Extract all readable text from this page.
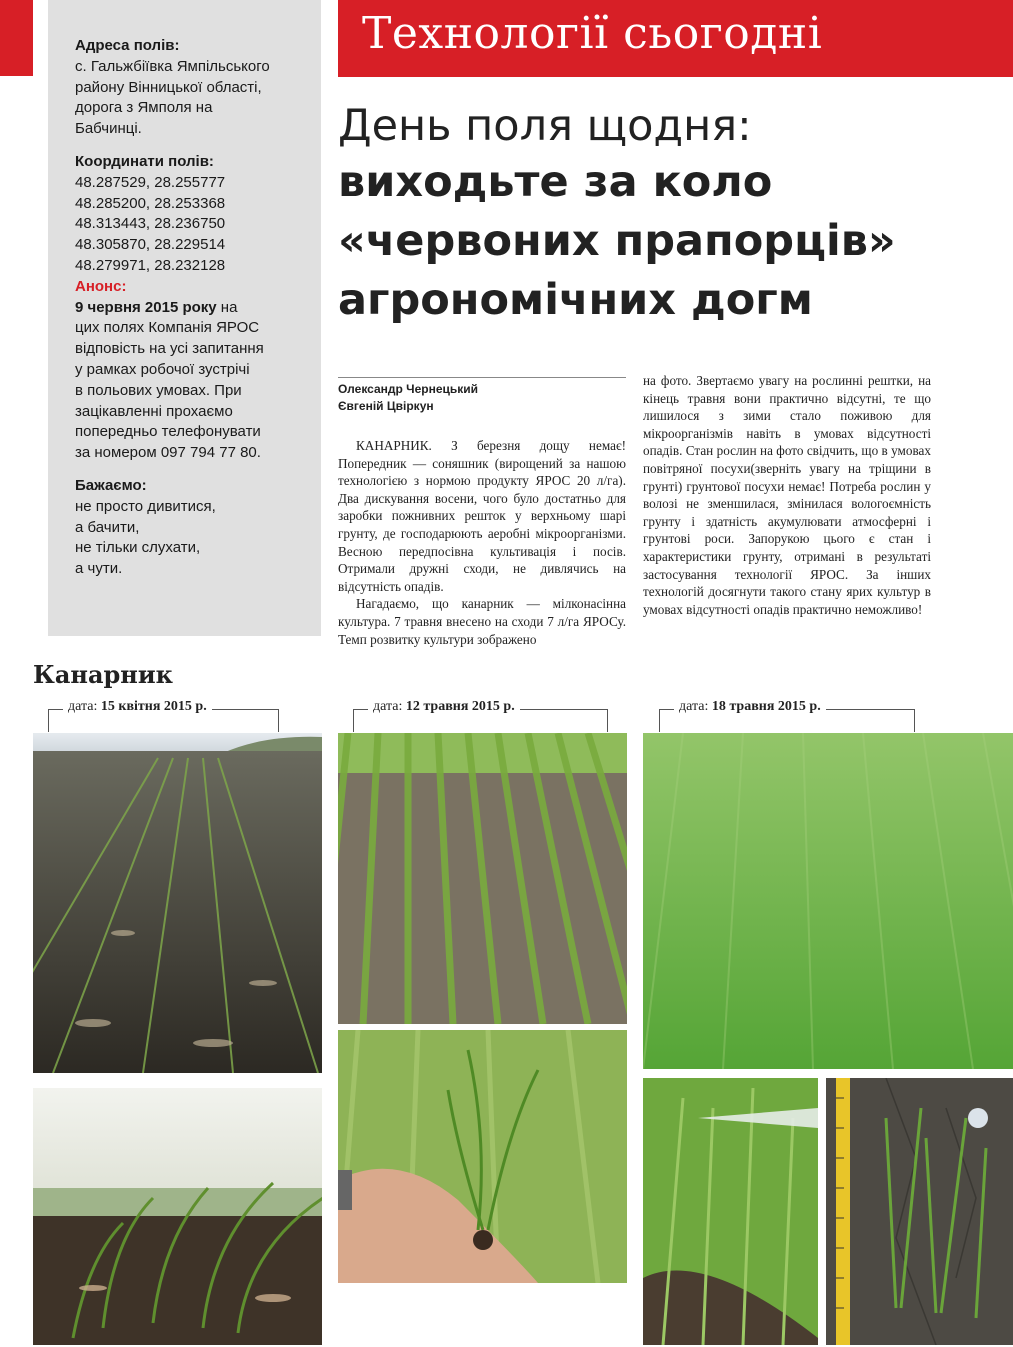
Адреса полів:
с. Гальжбіївка Ямпільського
району Вінницької області,
дорога з Ямполя на
Бабчинці.
Координати полів:
48.287529, 28.255777
48.285200, 28.253368
48.313443, 28.236750
48.305870, 28.229514
48.279971, 28.232128
Анонс:
9 червня 2015 року на
цих полях Компанія ЯРОС
відповість на усі запитання
у рамках робочої зустрічі
в польових умовах. При
зацікавленні прохаємо
попередньо телефонувати
за номером 097 794 77 80.
Бажаємо:
не просто дивитися,
а бачити,
не тільки слухати,
а чути.
Технології сьогодні
День поля щодня:
виходьте за коло
«червоних прапорців»
агрономічних догм
Олександр Чернецький
Євгеній Цвіркун

КАНАРНИК. З березня дощу немає! Попередник — соняшник (вирощений за нашою технологією з нормою продукту ЯРОС 20 л/га). Два дискування восени, чого було достатньо для заробки пожнивних решток у верхньому шарі грунту, де господарюють аеробні мікроорганізми. Весною передпосівна культивація і посів. Отримали дружні сходи, не дивлячись на відсутність опадів.

Нагадаємо, що канарник — мілконасінна культура. 7 травня внесено на сходи 7 л/га ЯРОСу. Темп розвитку культури зображено

на фото. Звертаємо увагу на рослинні рештки, на кінець травня вони практично відсутні, те що лишилося з зими стало поживою для мікроорганізмів навіть в умовах відсутності опадів. Стан рослин на фото свідчить, що в умовах повітряної посухи(зверніть увагу на тріщини в грунті) грунтової посухи немає! Потреба рослин у волозі не зменшилася, змінилася вологоємність грунту і здатність акумулювати атмосферні і грунтові роси. Запорукою цього є стан і характеристики грунту, отримані в результаті застосування технології ЯРОС. За інших технологій досягнути такого стану ярих культур в умовах відсутності опадів практично неможливо!

Канарник
дата: 15 квітня 2015 р.	дата: 12 травня 2015 р.	дата: 18 травня 2015 р.
